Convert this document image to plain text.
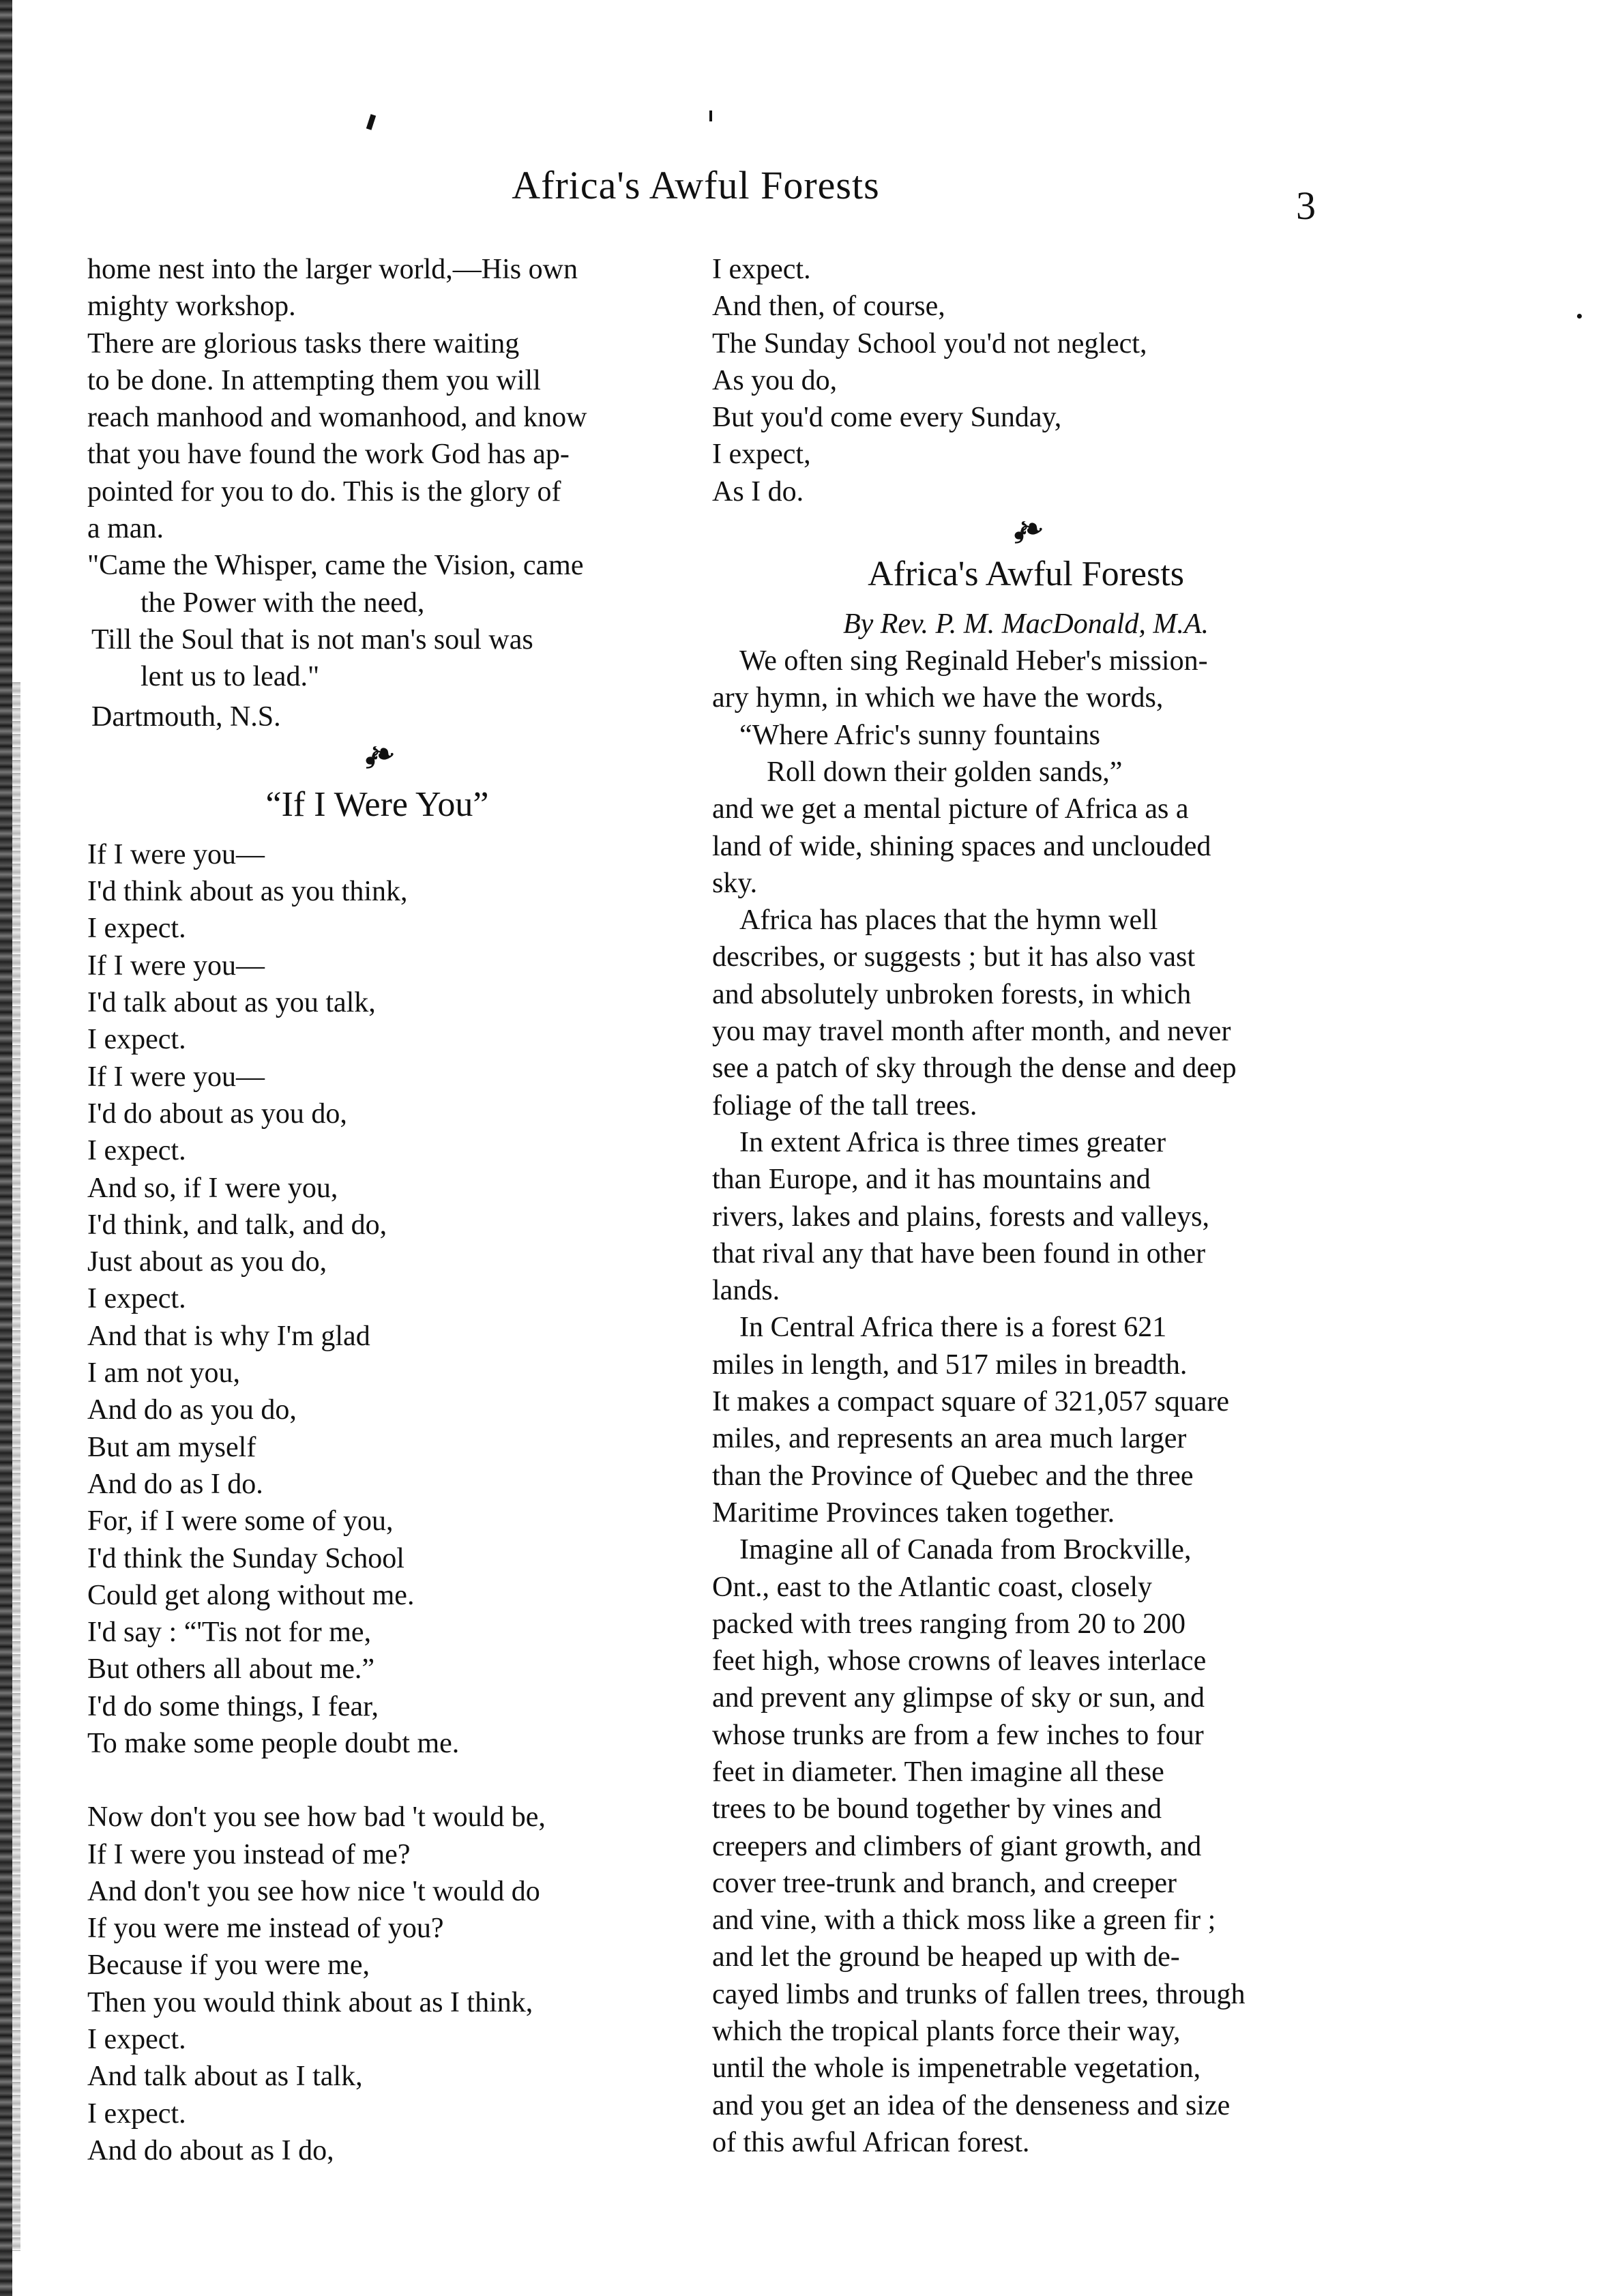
Africa's Awful Forests	3
home nest into the larger world,—His own
mighty workshop.
There are glorious tasks there waiting
to be done. In attempting them you will
reach manhood and womanhood, and know
that you have found the work God has ap-
pointed for you to do. This is the glory of
a man.
"Came the Whisper, came the Vision, came
the Power with the need,
Till the Soul that is not man's soul was
lent us to lead."
Dartmouth, N.S.
❟❧
“If I Were You”
If I were you—
I'd think about as you think,
I expect.
If I were you—
I'd talk about as you talk,
I expect.
If I were you—
I'd do about as you do,
I expect.
And so, if I were you,
I'd think, and talk, and do,
Just about as you do,
I expect.
And that is why I'm glad
I am not you,
And do as you do,
But am myself
And do as I do.
For, if I were some of you,
I'd think the Sunday School
Could get along without me.
I'd say : “'Tis not for me,
But others all about me.”
I'd do some things, I fear,
To make some people doubt me.
Now don't you see how bad 't would be,
If I were you instead of me?
And don't you see how nice 't would do
If you were me instead of you?
Because if you were me,
Then you would think about as I think,
I expect.
And talk about as I talk,
I expect.
And do about as I do,
I expect.
And then, of course,
The Sunday School you'd not neglect,
As you do,
But you'd come every Sunday,
I expect,
As I do.
❟❧
Africa's Awful Forests
By Rev. P. M. MacDonald, M.A.
We often sing Reginald Heber's mission-
ary hymn, in which we have the words,
“Where Afric's sunny fountains
Roll down their golden sands,”
and we get a mental picture of Africa as a
land of wide, shining spaces and unclouded
sky.
Africa has places that the hymn well
describes, or suggests ; but it has also vast
and absolutely unbroken forests, in which
you may travel month after month, and never
see a patch of sky through the dense and deep
foliage of the tall trees.
In extent Africa is three times greater
than Europe, and it has mountains and
rivers, lakes and plains, forests and valleys,
that rival any that have been found in other
lands.
In Central Africa there is a forest 621
miles in length, and 517 miles in breadth.
It makes a compact square of 321,057 square
miles, and represents an area much larger
than the Province of Quebec and the three
Maritime Provinces taken together.
Imagine all of Canada from Brockville,
Ont., east to the Atlantic coast, closely
packed with trees ranging from 20 to 200
feet high, whose crowns of leaves interlace
and prevent any glimpse of sky or sun, and
whose trunks are from a few inches to four
feet in diameter. Then imagine all these
trees to be bound together by vines and
creepers and climbers of giant growth, and
cover tree-trunk and branch, and creeper
and vine, with a thick moss like a green fir ;
and let the ground be heaped up with de-
cayed limbs and trunks of fallen trees, through
which the tropical plants force their way,
until the whole is impenetrable vegetation,
and you get an idea of the denseness and size
of this awful African forest.
